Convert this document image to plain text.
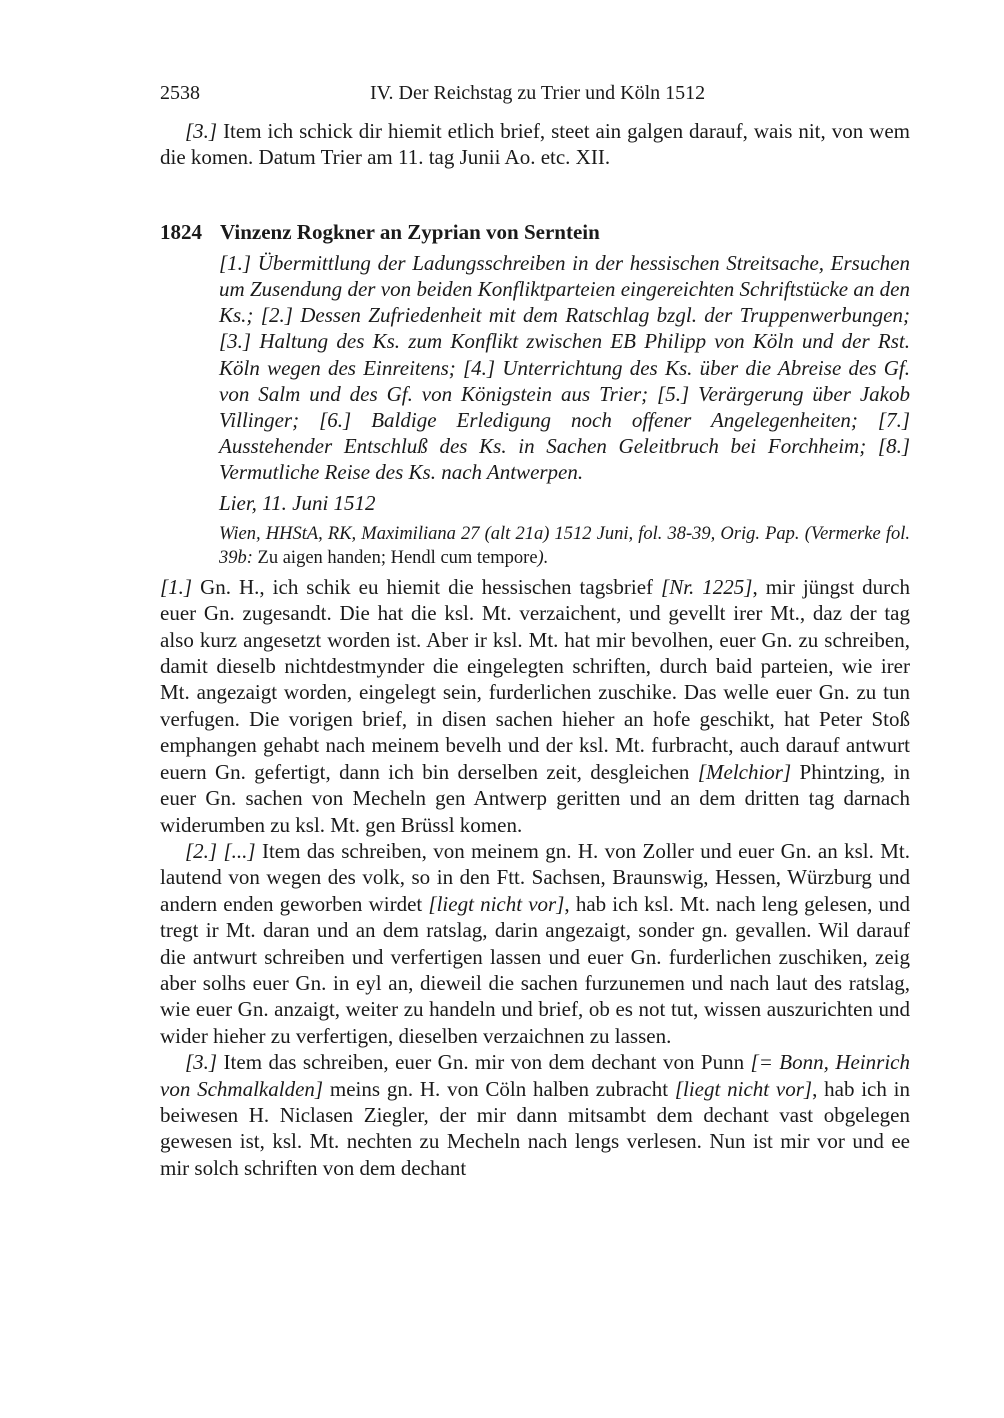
2538	IV. Der Reichstag zu Trier und Köln 1512

[3.] Item ich schick dir hiemit etlich brief, steet ain galgen darauf, wais nit, von wem die komen. Datum Trier am 11. tag Junii Ao. etc. XII.

1824 Vinzenz Rogkner an Zyprian von Serntein

[1.] Übermittlung der Ladungsschreiben in der hessischen Streitsache, Ersuchen um Zusendung der von beiden Konfliktparteien eingereichten Schriftstücke an den Ks.; [2.] Dessen Zufriedenheit mit dem Ratschlag bzgl. der Truppenwerbungen; [3.] Haltung des Ks. zum Konflikt zwischen EB Philipp von Köln und der Rst. Köln wegen des Einreitens; [4.] Unterrichtung des Ks. über die Abreise des Gf. von Salm und des Gf. von Königstein aus Trier; [5.] Verärgerung über Jakob Villinger; [6.] Baldige Erledigung noch offener Angelegenheiten; [7.] Ausstehender Entschluß des Ks. in Sachen Geleitbruch bei Forchheim; [8.] Vermutliche Reise des Ks. nach Antwerpen.

Lier, 11. Juni 1512

Wien, HHStA, RK, Maximiliana 27 (alt 21a) 1512 Juni, fol. 38-39, Orig. Pap. (Vermerke fol. 39b: Zu aigen handen; Hendl cum tempore).

[1.] Gn. H., ich schik eu hiemit die hessischen tagsbrief [Nr. 1225], mir jüngst durch euer Gn. zugesandt. Die hat die ksl. Mt. verzaichent, und gevellt irer Mt., daz der tag also kurz angesetzt worden ist. Aber ir ksl. Mt. hat mir bevolhen, euer Gn. zu schreiben, damit dieselb nichtdestmynder die eingelegten schriften, durch baid parteien, wie irer Mt. angezaigt worden, eingelegt sein, furderlichen zuschike. Das welle euer Gn. zu tun verfugen. Die vorigen brief, in disen sachen hieher an hofe geschikt, hat Peter Stoß emphangen gehabt nach meinem bevelh und der ksl. Mt. furbracht, auch darauf antwurt euern Gn. gefertigt, dann ich bin derselben zeit, desgleichen [Melchior] Phintzing, in euer Gn. sachen von Mecheln gen Antwerp geritten und an dem dritten tag darnach widerumben zu ksl. Mt. gen Brüssl komen.

[2.] [...] Item das schreiben, von meinem gn. H. von Zoller und euer Gn. an ksl. Mt. lautend von wegen des volk, so in den Ftt. Sachsen, Braunswig, Hessen, Würzburg und andern enden geworben wirdet [liegt nicht vor], hab ich ksl. Mt. nach leng gelesen, und tregt ir Mt. daran und an dem ratslag, darin angezaigt, sonder gn. gevallen. Wil darauf die antwurt schreiben und verfertigen lassen und euer Gn. furderlichen zuschiken, zeig aber solhs euer Gn. in eyl an, dieweil die sachen furzunemen und nach laut des ratslag, wie euer Gn. anzaigt, weiter zu handeln und brief, ob es not tut, wissen auszurichten und wider hieher zu verfertigen, dieselben verzaichnen zu lassen.

[3.] Item das schreiben, euer Gn. mir von dem dechant von Punn [= Bonn, Heinrich von Schmalkalden] meins gn. H. von Cöln halben zubracht [liegt nicht vor], hab ich in beiwesen H. Niclasen Ziegler, der mir dann mitsambt dem dechant vast obgelegen gewesen ist, ksl. Mt. nechten zu Mecheln nach lengs verlesen. Nun ist mir vor und ee mir solch schriften von dem dechant
